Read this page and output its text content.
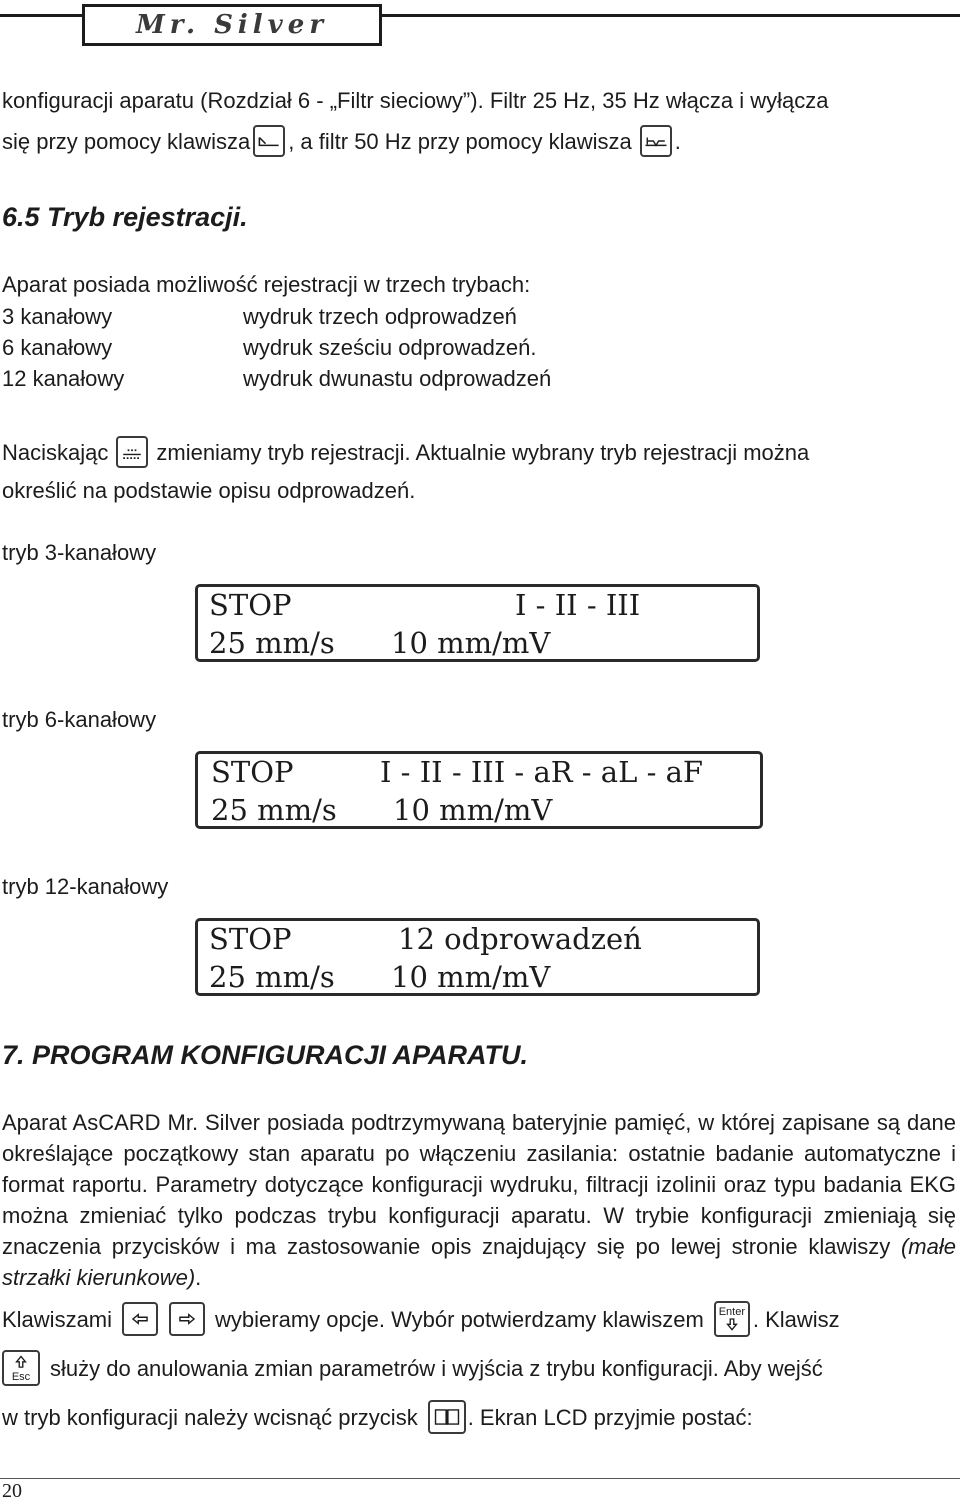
Mr. Silver
konfiguracji aparatu (Rozdział 6 - „Filtr sieciowy”). Filtr 25 Hz, 35 Hz włącza i wyłącza
się przy pomocy klawisza , a filtr 50 Hz przy pomocy klawisza .
6.5 Tryb rejestracji.
Aparat posiada możliwość rejestracji w trzech trybach:
3 kanałowy	wydruk trzech odprowadzeń
6 kanałowy	wydruk sześciu odprowadzeń.
12 kanałowy	wydruk dwunastu odprowadzeń
Naciskając zmieniamy tryb rejestracji. Aktualnie wybrany tryb rejestracji można
określić na podstawie opisu odprowadzeń.
tryb 3-kanałowy
STOP	I - II - III
25 mm/s 10 mm/mV
tryb 6-kanałowy
STOP	I - II - III - aR - aL - aF
25 mm/s 10 mm/mV
tryb 12-kanałowy
STOP	12 odprowadzeń
25 mm/s 10 mm/mV
7. PROGRAM KONFIGURACJI APARATU.

Aparat AsCARD Mr. Silver posiada podtrzymywaną bateryjnie pamięć, w której zapisane są dane określające początkowy stan aparatu po włączeniu zasilania: ostatnie badanie automatyczne i format raportu. Parametry dotyczące konfiguracji wydruku, filtracji izolinii oraz typu badania EKG można zmieniać tylko podczas trybu konfiguracji aparatu. W trybie konfiguracji zmieniają się znaczenia przycisków i ma zastosowanie opis znajdujący się po lewej stronie klawiszy (małe strzałki kierunkowe).

Klawiszami	wybieramy opcje. Wybór potwierdzamy klawiszem Enter . Klawisz
Esc służy do anulowania zmian parametrów i wyjścia z trybu konfiguracji. Aby wejść
w tryb konfiguracji należy wcisnąć przycisk . Ekran LCD przyjmie postać:
20
